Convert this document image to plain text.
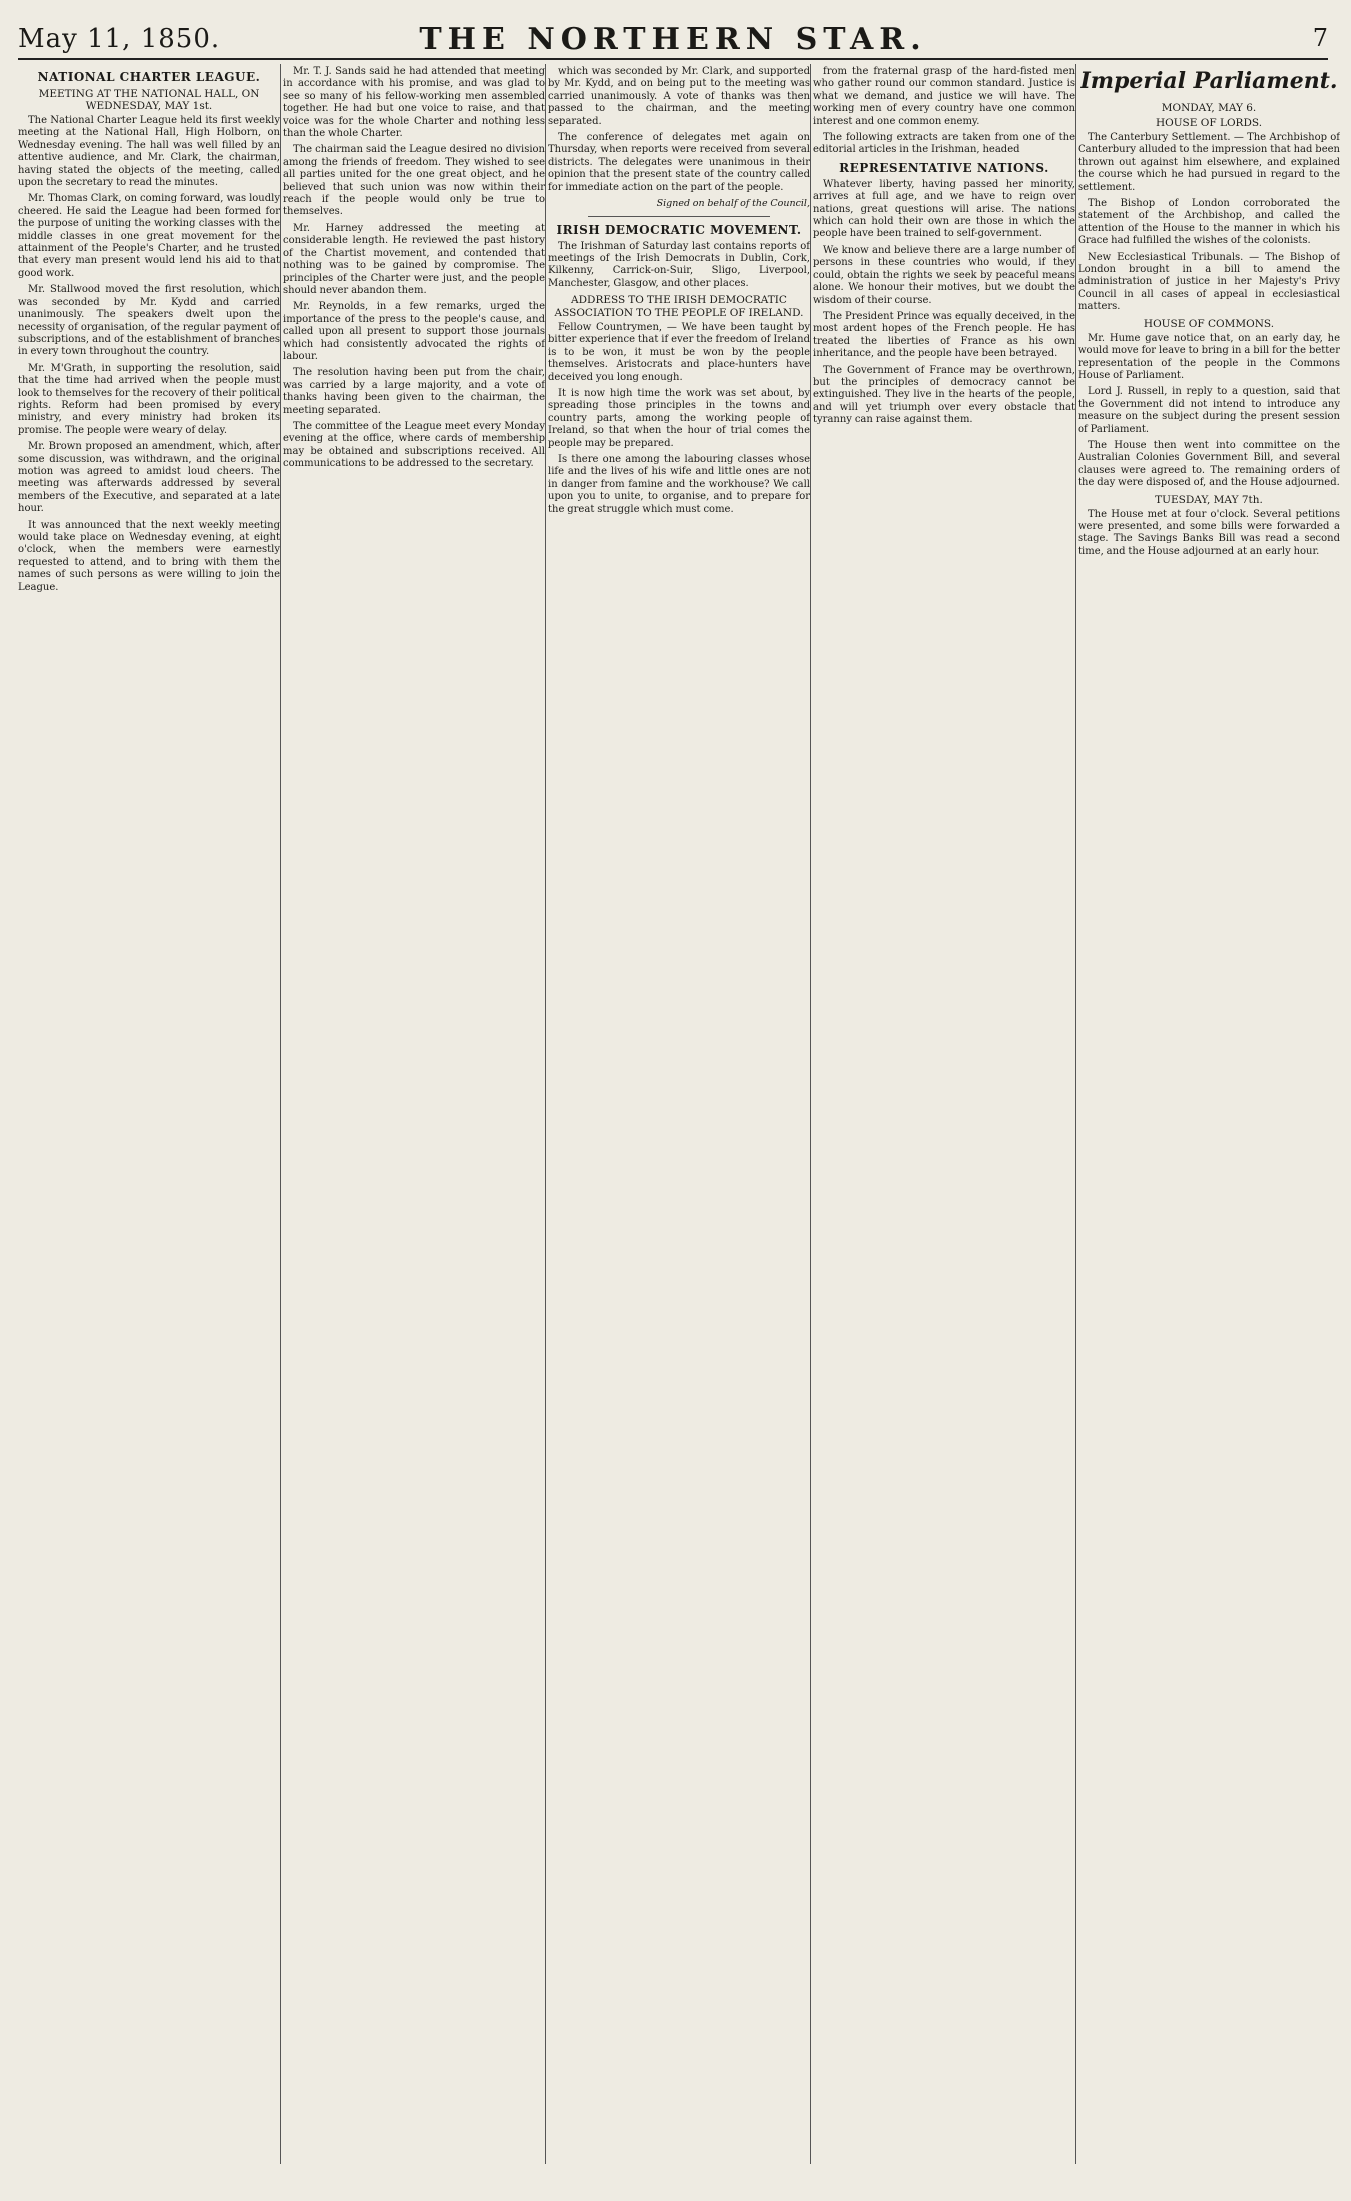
May 11, 1850.	THE NORTHERN STAR.	7
NATIONAL CHARTER LEAGUE.
MEETING AT THE NATIONAL HALL, ON WEDNESDAY, MAY 1st.

The National Charter League held its first weekly meeting at the National Hall, High Holborn, on Wednesday evening. The hall was well filled by an attentive audience, and Mr. Clark, the chairman, having stated the objects of the meeting, called upon the secretary to read the minutes.

Mr. Thomas Clark, on coming forward, was loudly cheered. He said the League had been formed for the purpose of uniting the working classes with the middle classes in one great movement for the attainment of the People's Charter, and he trusted that every man present would lend his aid to that good work.

Mr. Stallwood moved the first resolution, which was seconded by Mr. Kydd and carried unanimously. The speakers dwelt upon the necessity of organisation, of the regular payment of subscriptions, and of the establishment of branches in every town throughout the country.

Mr. M'Grath, in supporting the resolution, said that the time had arrived when the people must look to themselves for the recovery of their political rights. Reform had been promised by every ministry, and every ministry had broken its promise. The people were weary of delay.

Mr. Brown proposed an amendment, which, after some discussion, was withdrawn, and the original motion was agreed to amidst loud cheers. The meeting was afterwards addressed by several members of the Executive, and separated at a late hour.

It was announced that the next weekly meeting would take place on Wednesday evening, at eight o'clock, when the members were earnestly requested to attend, and to bring with them the names of such persons as were willing to join the League.

Mr. T. J. Sands said he had attended that meeting in accordance with his promise, and was glad to see so many of his fellow-working men assembled together. He had but one voice to raise, and that voice was for the whole Charter and nothing less than the whole Charter.

The chairman said the League desired no division among the friends of freedom. They wished to see all parties united for the one great object, and he believed that such union was now within their reach if the people would only be true to themselves.

Mr. Harney addressed the meeting at considerable length. He reviewed the past history of the Chartist movement, and contended that nothing was to be gained by compromise. The principles of the Charter were just, and the people should never abandon them.

Mr. Reynolds, in a few remarks, urged the importance of the press to the people's cause, and called upon all present to support those journals which had consistently advocated the rights of labour.

The resolution having been put from the chair, was carried by a large majority, and a vote of thanks having been given to the chairman, the meeting separated.

The committee of the League meet every Monday evening at the office, where cards of membership may be obtained and subscriptions received. All communications to be addressed to the secretary.

which was seconded by Mr. Clark, and supported by Mr. Kydd, and on being put to the meeting was carried unanimously. A vote of thanks was then passed to the chairman, and the meeting separated.

The conference of delegates met again on Thursday, when reports were received from several districts. The delegates were unanimous in their opinion that the present state of the country called for immediate action on the part of the people.

Signed on behalf of the Council,
IRISH DEMOCRATIC MOVEMENT.

The Irishman of Saturday last contains reports of meetings of the Irish Democrats in Dublin, Cork, Kilkenny, Carrick-on-Suir, Sligo, Liverpool, Manchester, Glasgow, and other places.

ADDRESS TO THE IRISH DEMOCRATIC ASSOCIATION TO THE PEOPLE OF IRELAND.

Fellow Countrymen, — We have been taught by bitter experience that if ever the freedom of Ireland is to be won, it must be won by the people themselves. Aristocrats and place-hunters have deceived you long enough.

It is now high time the work was set about, by spreading those principles in the towns and country parts, among the working people of Ireland, so that when the hour of trial comes the people may be prepared.

Is there one among the labouring classes whose life and the lives of his wife and little ones are not in danger from famine and the workhouse? We call upon you to unite, to organise, and to prepare for the great struggle which must come.

from the fraternal grasp of the hard-fisted men who gather round our common standard. Justice is what we demand, and justice we will have. The working men of every country have one common interest and one common enemy.

The following extracts are taken from one of the editorial articles in the Irishman, headed

REPRESENTATIVE NATIONS.

Whatever liberty, having passed her minority, arrives at full age, and we have to reign over nations, great questions will arise. The nations which can hold their own are those in which the people have been trained to self-government.

We know and believe there are a large number of persons in these countries who would, if they could, obtain the rights we seek by peaceful means alone. We honour their motives, but we doubt the wisdom of their course.

The President Prince was equally deceived, in the most ardent hopes of the French people. He has treated the liberties of France as his own inheritance, and the people have been betrayed.

The Government of France may be overthrown, but the principles of democracy cannot be extinguished. They live in the hearts of the people, and will yet triumph over every obstacle that tyranny can raise against them.

Imperial Parliament.
MONDAY, MAY 6.
HOUSE OF LORDS.

The Canterbury Settlement. — The Archbishop of Canterbury alluded to the impression that had been thrown out against him elsewhere, and explained the course which he had pursued in regard to the settlement.

The Bishop of London corroborated the statement of the Archbishop, and called the attention of the House to the manner in which his Grace had fulfilled the wishes of the colonists.

New Ecclesiastical Tribunals. — The Bishop of London brought in a bill to amend the administration of justice in her Majesty's Privy Council in all cases of appeal in ecclesiastical matters.

HOUSE OF COMMONS.

Mr. Hume gave notice that, on an early day, he would move for leave to bring in a bill for the better representation of the people in the Commons House of Parliament.

Lord J. Russell, in reply to a question, said that the Government did not intend to introduce any measure on the subject during the present session of Parliament.

The House then went into committee on the Australian Colonies Government Bill, and several clauses were agreed to. The remaining orders of the day were disposed of, and the House adjourned.

TUESDAY, MAY 7th.

The House met at four o'clock. Several petitions were presented, and some bills were forwarded a stage. The Savings Banks Bill was read a second time, and the House adjourned at an early hour.
